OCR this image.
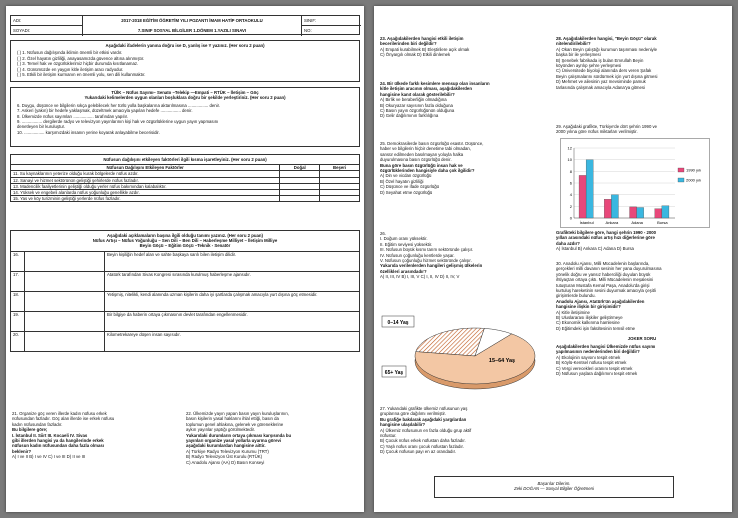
ADI:
SOYADI:
2017-2018 EĞİTİM ÖĞRETİM YILI POZANTI İMAM HATİP ORTAOKULU
7.SINIF SOSYAL BİLGİLER 1.DÖNEM 1.YAZILI SINAVI
SINIF:
NO:
Aşağıdaki ifadelerin yanına doğru ise D, yanlış ise Y yazınız. (Her soru 2 puan)
( ) 1. Nüfusun dağılışında iklimin önemli bir etkisi vardır.
( ) 2. Özel hayatın gizliliği, anayasamızda güvence altına alınmıştır.
( ) 3. Temel hak ve özgürlüklerimiz hiçbir durumda kısıtlanamaz.
( ) 4. Günümüzde en yaygın kitle iletişim aracı radyodur.
( ) 5. Etkili bir iletişim kurmanın en önemli yolu, sen dili kullanmaktır.
TÜİK – Nüfus Sayımı– Senato –Telekip —Empati – RTÜK – İletişim – Göç
Yukarıdaki kelimelerden uygun olanları boşluklara doğru bir şekilde yerleştiriniz. (Her soru 2 puan)
6. Duygu, düşünce ve bilgilerin sıkça gelebilecek her türlü yolla başkalarına aktarılmasına ................. denir.
7. Askeri (yakın) bir hedefe yaklaşmak, düzeltmek amacıyla yapılan hedefe ................. denir.
8. Ülkemizde nüfus sayımları ................. tarafından yapılır.
9. ................. dergilerde radyo ve televizyon yayınlarının kişi hak ve özgürlüklerine uygun yayın yapmasını
denetleyen bir kuruluştur.
10. ................. karşımızdaki insanın yerine koyarak anlayabilme becerisidir.
Nüfusun dağılışını etkileyen faktörleri ilgili kısma işaretleyiniz. (Her soru 2 puan)		
Nüfusun Dağılışını Etkileyen Faktörler	Doğal	Beşeri
11. Su kaynaklarının yeterize olduğu kurak bölgelerde nüfus azdır.		
12. Sanayi ve hizmet sektörünün geliştiği şehirlerde nüfus fazladır.		
13. Madencilik faaliyetlerinin geliştiği olduğu yerler nüfus bakımından kalabalıktır.		
14. Yüksek ve engebeli alanlarda nüfus yoğunluğu genellikle azdır.		
15. Yas ve köy turizminin geliştiği yerlerde nüfus fazladır.		
Aşağıdaki açıklamaların başına ilgili olduğu tanımı yazınız. (Her soru 2 puan)
Nüfus Artışı – Nüfus Yoğunluğu – Sen Dili – Ben Dili – Haberleşme Milliyet – İletişim Milliye
Beyin Göçü – Eğitim Göçü –Teknik - Senatör		

16.		Beyin kişiliğin hedef alan ve sahte başkaya sarılı bilen iletişim dilidir.
17.		Atatürk tarafından Sivas Kongresi sırasında kurulmuş haberleşme ajansıdır.
18.		Yetişmiş, nitelikli, kendi alanında uzman kişilerin daha iyi şartlarda çalışmak amacıyla yurt dışına göç etmesidir.
19.		Bir bilgiye da haberin ortaya çıkmasının devlet tarafından engellenmesidir.
20.		Kilometrekareye düşen insan sayısıdır.
21. Organize göç veren illerde kadın nüfusu erkek
nüfusundan fazladır. Göç alan illerde ise erkek nüfusu
kadın nüfusundan fazladır.
Bu bilgilere göre;
I. İstanbul II. Siirt III. Kocaeli IV. Sivas
gibi illerden hangisi ya da hangilerinde erkek
nüfusun kadın nüfusundan daha fazla olması
beklenir?
A) I ve II B) I ve IV C) I ve III D) II ve III
22. Ülkemizde yayın yapan basın yayın kuruluşlarının,
basın kişilerin yasal haklarını ihlal ettiği, basın da
toplumun genel ahlakına, gelenek ve göreneklerine
aykırı yayınlar yaptığı görülmektedir.
Yukarıdaki durumların ortaya çıkması karşısında bu
yayınları organize yasal yollarla uyarma görevi
aşağıdaki kurumlardan hangisine aittir.
A) Türkiye Radyo Televizyon Kurumu (TRT)
B) Radyo Televizyon Üst Kurulu (RTÜK)
C) Anadolu Ajansı (AA) D) Basın Konseyi
23. Aşağıdakilerden hangisi etkili iletişim
becerilerinden biri değildir?
A) Empati kurabilmek B) Eleştirilere açık olmak
C) Önyargılı olmak D) Etkili dinlemek
24. Bir ülkede farklı kesimlere mensup olan insanların
kitle iletişim aracının olması, aşağıdakilerden
hangisine kanıt olarak gösterilebilir?
A) Birlik ve beraberliğin olmadığına
B) Okuryazar sayısının fazla olduğuna
C) Basın yayın özgürlüğünün olduğuna
D) Gelir dağılımının farklılığına
25. Demokrasilerde basın özgürlüğü esastır. Düşünce,
haber ve bilgilerin hiçbir denetime tabi olmadan,
sansür edilmeden basılmayan yoluyla halka
duyurulmasına basın özgürlüğü denir.
Buna göre basın özgürlüğü insan hak ve
özgürlüklerinden hangisiyle daha çok ilgilidir?
A) Din ve vicdan özgürlüğü
B) Özel hayatın gizliliği
C) Düşünce ve ifade özgürlüğü
D) Seyahat etme özgürlüğü
26.
I. Doğum oranı yüksektir.
II. Eğitim seviyesi yüksektir.
III. Nüfusun büyük kısmı tarım sektöründe çalışır.
IV. Nüfusun çoğunluğu kentlerde yaşar.
V. Nüfusun çoğunluğu hizmet sektöründe çalışır.
Yukarıda verilenlerden hangileri gelişmiş ülkelerin
özellikleri arasındadır?
A) II, III, IV B) I, III, V C) I, II, IV D) II, IV, V
0–14 Yaş
65+ Yaş
15–64 Yaş
27. Yukarıdaki grafikte ülkemiz nüfusunun yaş
gruplarına göre dağılımı verilmiştir.
Bu grafiğe bakılarak aşağıdaki yargılardan
hangisine ulaşılabilir?
A) Ülkemiz nüfusunun en fazla olduğu grup aktif
nüfustur.
B) Çocuk nüfus erkek nüfustan daha fazladır.
C) Yaşlı nüfus oranı çocuk nüfustan fazladır.
D) Çocuk nüfusun payı en az orandadır.
28. Aşağıdakilerden hangisi, "Beyin Göçü" olarak
nitelendirilebilir?
A) Okan Beyin çalıştığı kurumun taşınması nedeniyle
başka bir ile yerleşmesi
B) Şenebek fabrikada iş bulan Emrullah Beyin
köyünden ayrılıp şehre yerleşmesi
C) Üniversitede biyoloji alanında ders veren Şafak
Beyin çalışmalarını sürdürmek için yurt dışına gitmesi
D) Mehmet ve ailesinin yaz mevsiminde pamuk
tarlasında çalışmak amacıyla Adana'ya gitmesi
29. Aşağıdaki grafikte, Türkiye'de dört şehrin 1990 ve
2000 yılına göre nüfus miktarları verilmiştir.
0
2
4
6
8
10
12
İstanbul	Ankara	Adana	Bursa
1990 yılı
2000 yılı
Grafikteki bilgilere göre, hangi şehrin 1990 - 2000
yılları arasındaki nüfus artış hızı diğerlerine göre
daha azdır?
A) İstanbul B) Ankara C) Adana D) Bursa
30. Anadolu Ajansı, Milli Mücadelenin başlarında,
gerçekleri milli davanın sesinin her yana duyurulmasına
yönelik doğru ve yansız haberciliği duyulan büyük
ihtiyaçtan ortaya çıktı. Milli Mücadelenin meşalesini
tutuşturan Mustafa Kemal Paşa, Anadolu'da girişi
kurtuluş hareketinin sesini duyurmak amacıyla çeşitli
girişimlerde bulundu.
Anadolu Ajansı, Atatürk'ün aşağıdakilerden
hangisine ilişkin bir girişimidir?
A) Kitle iletişimine
B) Uluslararası ilişkiler geliştirmeye
C) Ekonomik kalkınma hamlesine
D) Eğitimdeki işin fakültesinin temsil etme
JOKER SORU
Aşağıdakilerden hangisi Ülkemizde nüfus sayımı
yapılmasının nedenlerinden biri değildir?
A) Ekolojinin sayısını tespit etmek
B) Köylü-Kentsel nüfusu tespit etmek
C) Vergi verecekleri oranını tespit etmek
D) Nüfusun yaşlara dağılımını tespit etmek
Başarılar Dilerim.
Zeki DOĞAN — Sosyal Bilgiler Öğretmeni
